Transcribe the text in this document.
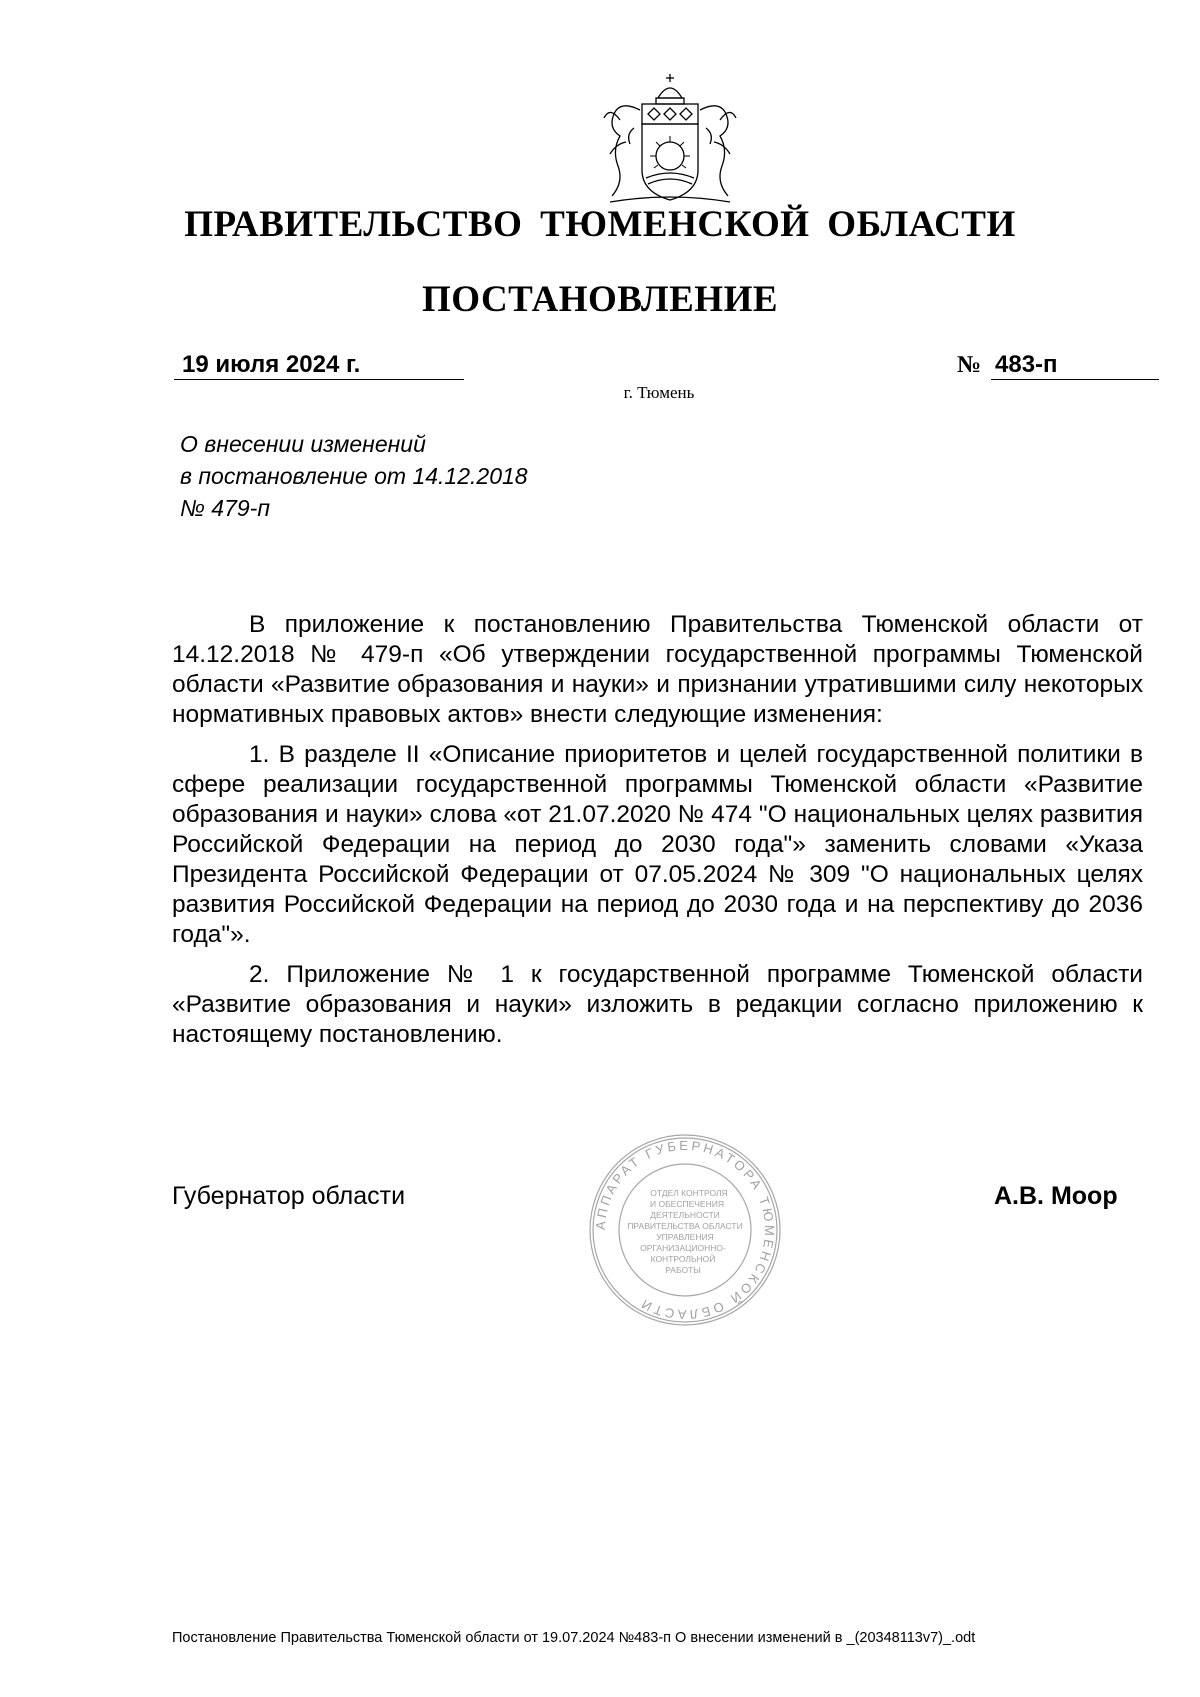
ПРАВИТЕЛЬСТВО ТЮМЕНСКОЙ ОБЛАСТИ
ПОСТАНОВЛЕНИЕ
19 июля 2024 г.	№ 483-п
г. Тюмень
О внесении изменений
в постановление от 14.12.2018
№ 479-п

В приложение к постановлению Правительства Тюменской области от 14.12.2018 № 479-п «Об утверждении государственной программы Тюменской области «Развитие образования и науки» и признании утратившими силу некоторых нормативных правовых актов» внести следующие изменения:

1. В разделе II «Описание приоритетов и целей государственной политики в сфере реализации государственной программы Тюменской области «Развитие образования и науки» слова «от 21.07.2020 № 474 "О национальных целях развития Российской Федерации на период до 2030 года"» заменить словами «Указа Президента Российской Федерации от 07.05.2024 № 309 "О национальных целях развития Российской Федерации на период до 2030 года и на перспективу до 2036 года"».

2. Приложение № 1 к государственной программе Тюменской области «Развитие образования и науки» изложить в редакции согласно приложению к настоящему постановлению.

Губернатор области	А.В. Моор
АППАРАТ ГУБЕРНАТОРА ТЮМЕНСКОЙ ОБЛАСТИ
ОТДЕЛ КОНТРОЛЯ
И ОБЕСПЕЧЕНИЯ
ДЕЯТЕЛЬНОСТИ
ПРАВИТЕЛЬСТВА ОБЛАСТИ
УПРАВЛЕНИЯ
ОРГАНИЗАЦИОННО-
КОНТРОЛЬНОЙ
РАБОТЫ
Постановление Правительства Тюменской области от 19.07.2024 №483-п О внесении изменений в _(20348113v7)_.odt
